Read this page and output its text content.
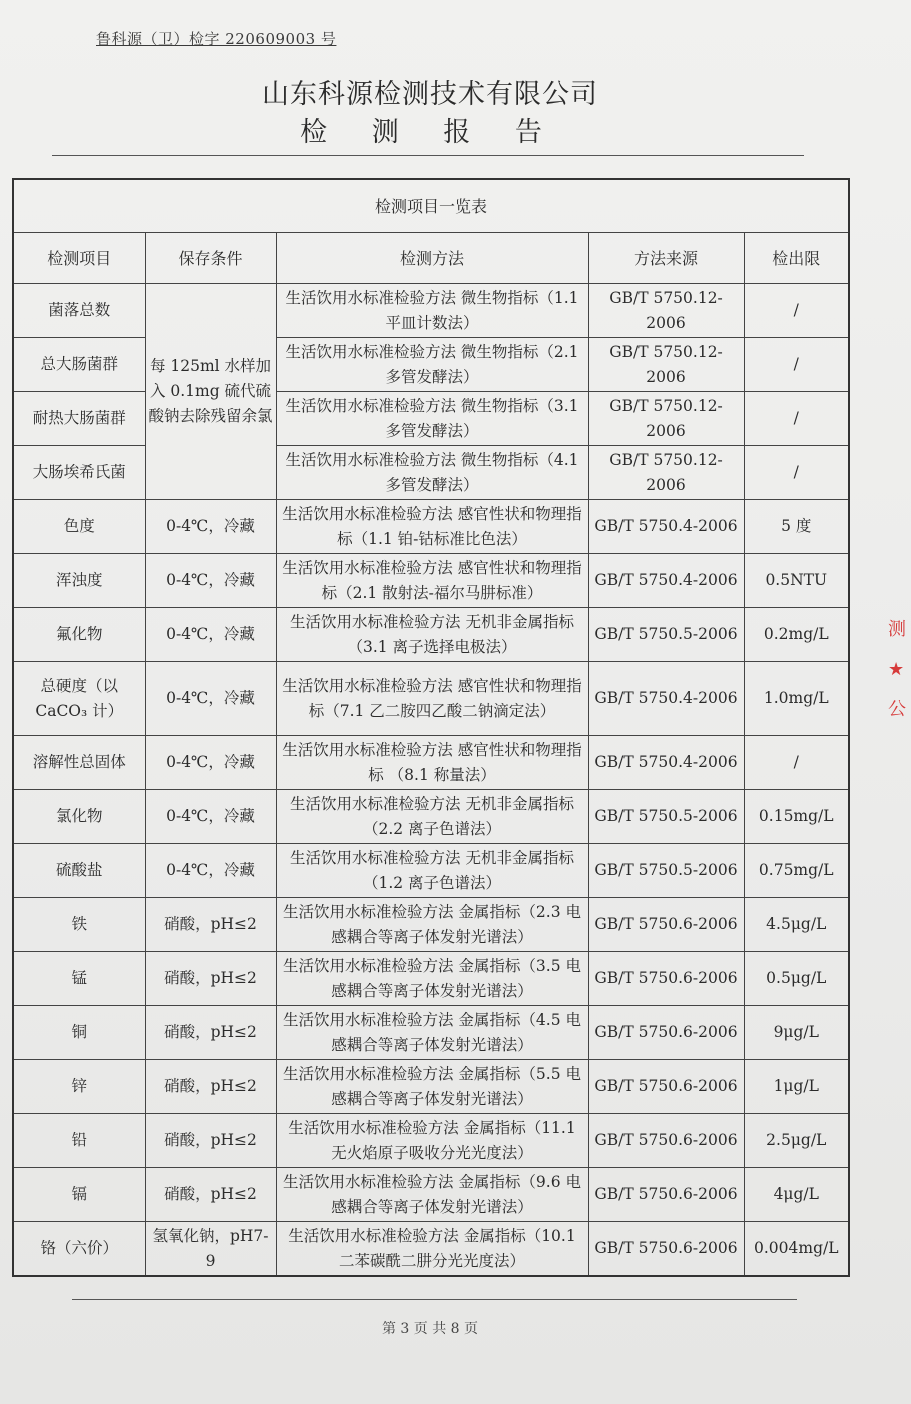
鲁科源（卫）检字 220609003 号
山东科源检测技术有限公司
检 测 报 告
检测项目一览表				
检测项目	保存条件	检测方法	方法来源	检出限
菌落总数	每 125ml 水样加入 0.1mg 硫代硫酸钠去除残留余氯	生活饮用水标准检验方法 微生物指标（1.1 平皿计数法）	GB/T 5750.12-2006	/
总大肠菌群		生活饮用水标准检验方法 微生物指标（2.1 多管发酵法）	GB/T 5750.12-2006	/
耐热大肠菌群		生活饮用水标准检验方法 微生物指标（3.1 多管发酵法）	GB/T 5750.12-2006	/
大肠埃希氏菌		生活饮用水标准检验方法 微生物指标（4.1 多管发酵法）	GB/T 5750.12-2006	/
色度	0-4℃，冷藏	生活饮用水标准检验方法 感官性状和物理指标（1.1 铂-钴标准比色法）	GB/T 5750.4-2006	5 度
浑浊度	0-4℃，冷藏	生活饮用水标准检验方法 感官性状和物理指标（2.1 散射法-福尔马肼标准）	GB/T 5750.4-2006	0.5NTU
氟化物	0-4℃，冷藏	生活饮用水标准检验方法 无机非金属指标 （3.1 离子选择电极法）	GB/T 5750.5-2006	0.2mg/L
总硬度（以 CaCO₃ 计）	0-4℃，冷藏	生活饮用水标准检验方法 感官性状和物理指标（7.1 乙二胺四乙酸二钠滴定法）	GB/T 5750.4-2006	1.0mg/L
溶解性总固体	0-4℃，冷藏	生活饮用水标准检验方法 感官性状和物理指标 （8.1 称量法）	GB/T 5750.4-2006	/
氯化物	0-4℃，冷藏	生活饮用水标准检验方法 无机非金属指标（2.2 离子色谱法）	GB/T 5750.5-2006	0.15mg/L
硫酸盐	0-4℃，冷藏	生活饮用水标准检验方法 无机非金属指标 （1.2 离子色谱法）	GB/T 5750.5-2006	0.75mg/L
铁	硝酸，pH≤2	生活饮用水标准检验方法 金属指标（2.3 电感耦合等离子体发射光谱法）	GB/T 5750.6-2006	4.5μg/L
锰	硝酸，pH≤2	生活饮用水标准检验方法 金属指标（3.5 电感耦合等离子体发射光谱法）	GB/T 5750.6-2006	0.5μg/L
铜	硝酸，pH≤2	生活饮用水标准检验方法 金属指标（4.5 电感耦合等离子体发射光谱法）	GB/T 5750.6-2006	9μg/L
锌	硝酸，pH≤2	生活饮用水标准检验方法 金属指标（5.5 电感耦合等离子体发射光谱法）	GB/T 5750.6-2006	1μg/L
铅	硝酸，pH≤2	生活饮用水标准检验方法 金属指标（11.1 无火焰原子吸收分光光度法）	GB/T 5750.6-2006	2.5μg/L
镉	硝酸，pH≤2	生活饮用水标准检验方法 金属指标（9.6 电感耦合等离子体发射光谱法）	GB/T 5750.6-2006	4μg/L
铬（六价）	氢氧化钠，pH7-9	生活饮用水标准检验方法 金属指标（10.1 二苯碳酰二肼分光光度法）	GB/T 5750.6-2006	0.004mg/L
测
★
公
第 3 页 共 8 页
